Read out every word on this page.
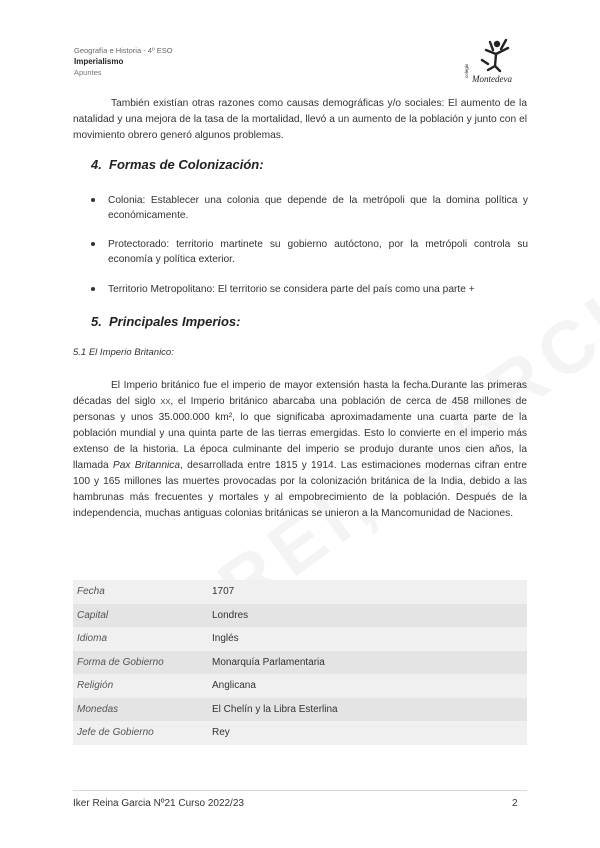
Geografía e Historia - 4º ESO
Imperialismo
Apuntes	colegio
Montedeva
También existían otras razones como causas demográficas y/o sociales: El aumento de la natalidad y una mejora de la tasa de la mortalidad, llevó a un aumento de la población y junto con el movimiento obrero generó algunos problemas.
4. Formas de Colonización:
Colonia: Establecer una colonia que depende de la metrópoli que la domina política y económicamente.
Protectorado: territorio martinete su gobierno autóctono, por la metrópoli controla su economía y política exterior.
Territorio Metropolitano: El territorio se considera parte del país como una parte +
5. Principales Imperios:
5.1 El Imperio Britanico:
El Imperio británico fue el imperio de mayor extensión hasta la fecha.Durante las primeras décadas del siglo XX, el Imperio británico abarcaba una población de cerca de 458 millones de personas y unos 35.000.000 km², lo que significaba aproximadamente una cuarta parte de la población mundial y una quinta parte de las tierras emergidas. Esto lo convierte en el imperio más extenso de la historia. La época culminante del imperio se produjo durante unos cien años, la llamada Pax Britannica, desarrollada entre 1815 y 1914. Las estimaciones modernas cifran entre 100 y 165 millones las muertes provocadas por la colonización británica de la India, debido a las hambrunas más frecuentes y mortales y al empobrecimiento de la población. Después de la independencia, muchas antiguas colonias británicas se unieron a la Mancomunidad de Naciones.
Fecha	1707
Capital	Londres
Idioma	Inglés
Forma de Gobierno	Monarquía Parlamentaria
Religión	Anglicana
Monedas	El Chelín y la Libra Esterlina
Jefe de Gobierno	Rey
Iker Reina Garcia Nº21 Curso 2022/23	2
